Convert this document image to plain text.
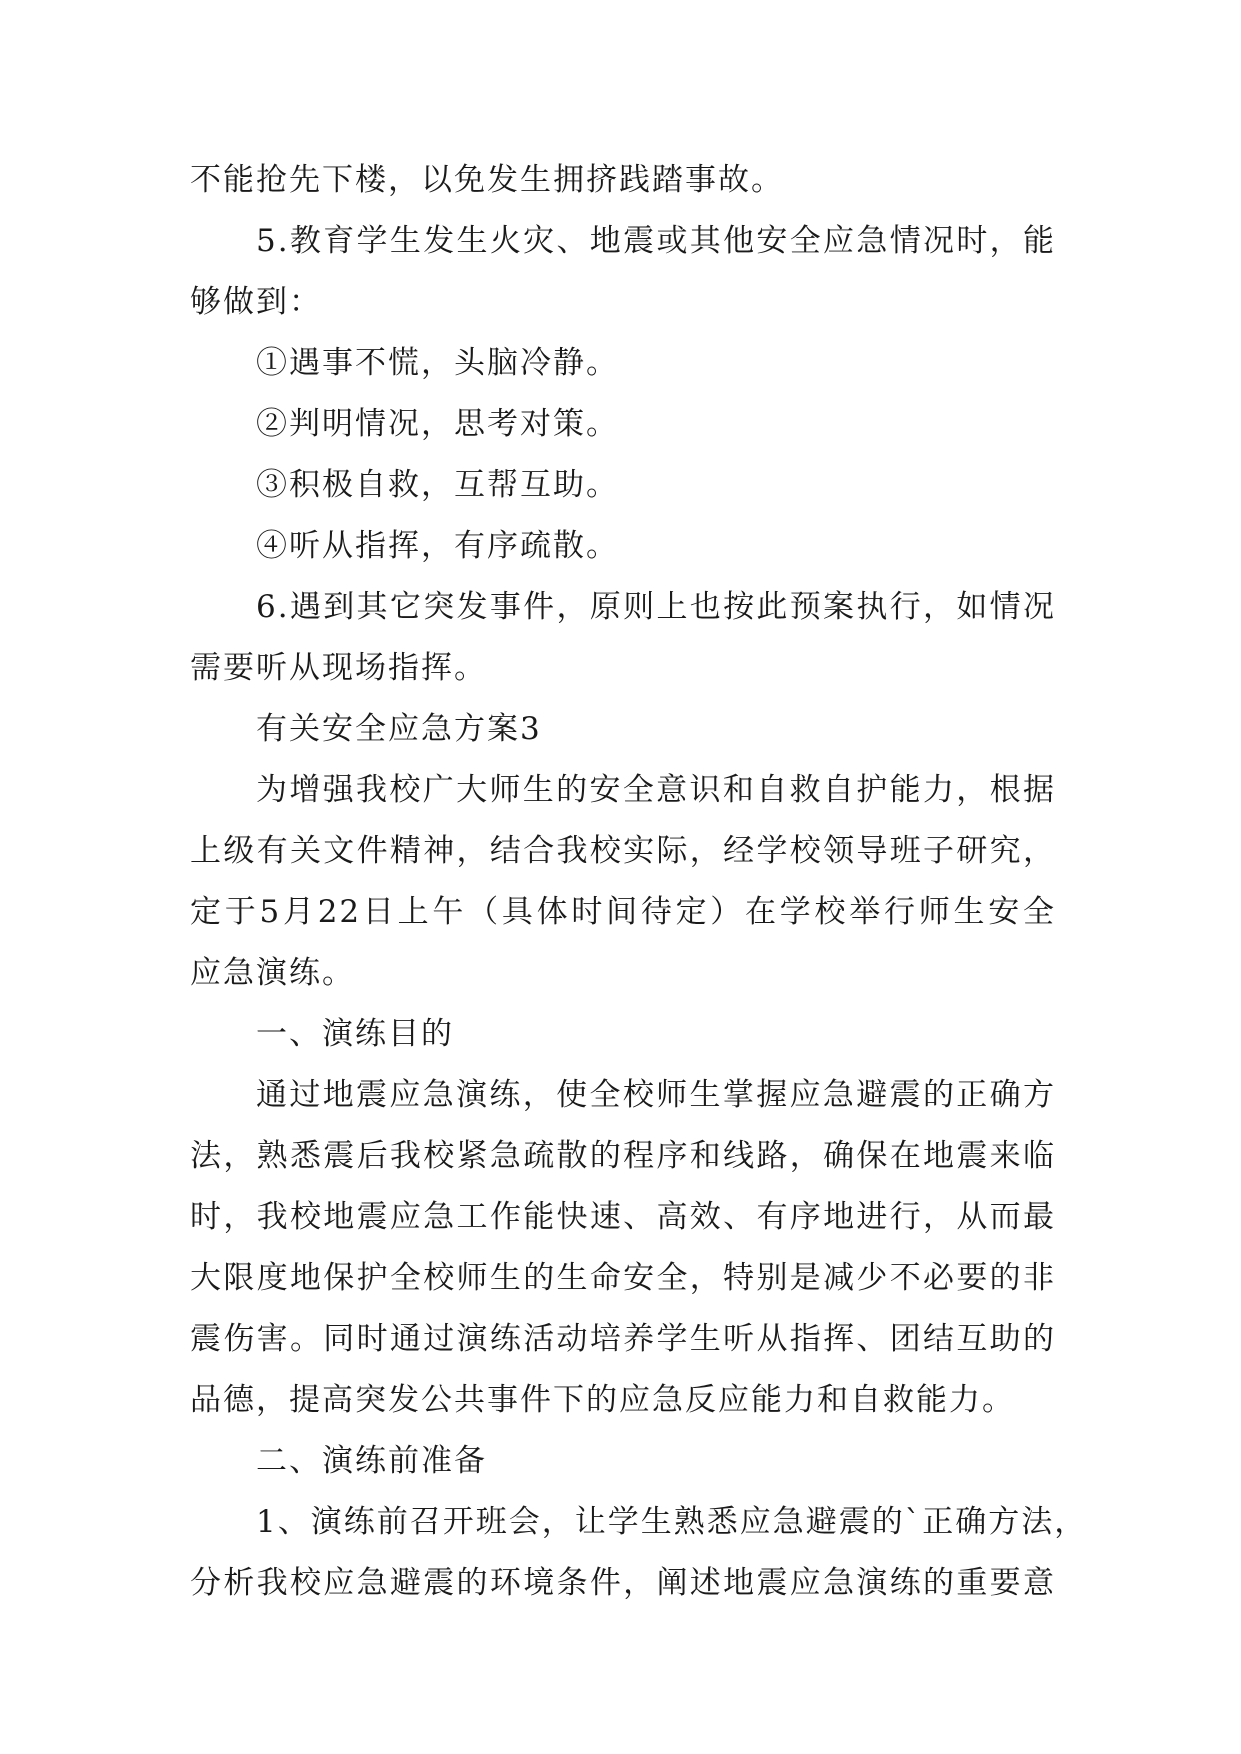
不能抢先下楼，以免发生拥挤践踏事故。
5.教育学生发生火灾、地震或其他安全应急情况时，能
够做到：
①遇事不慌，头脑冷静。
②判明情况，思考对策。
③积极自救，互帮互助。
④听从指挥，有序疏散。
6.遇到其它突发事件，原则上也按此预案执行，如情况
需要听从现场指挥。
有关安全应急方案3
为增强我校广大师生的安全意识和自救自护能力，根据
上级有关文件精神，结合我校实际，经学校领导班子研究，
定于5月22日上午（具体时间待定）在学校举行师生安全
应急演练。
一、演练目的
通过地震应急演练，使全校师生掌握应急避震的正确方
法，熟悉震后我校紧急疏散的程序和线路，确保在地震来临
时，我校地震应急工作能快速、高效、有序地进行，从而最
大限度地保护全校师生的生命安全，特别是减少不必要的非
震伤害。同时通过演练活动培养学生听从指挥、团结互助的
品德，提高突发公共事件下的应急反应能力和自救能力。
二、演练前准备
1、演练前召开班会，让学生熟悉应急避震的`正确方法，
分析我校应急避震的环境条件，阐述地震应急演练的重要意
